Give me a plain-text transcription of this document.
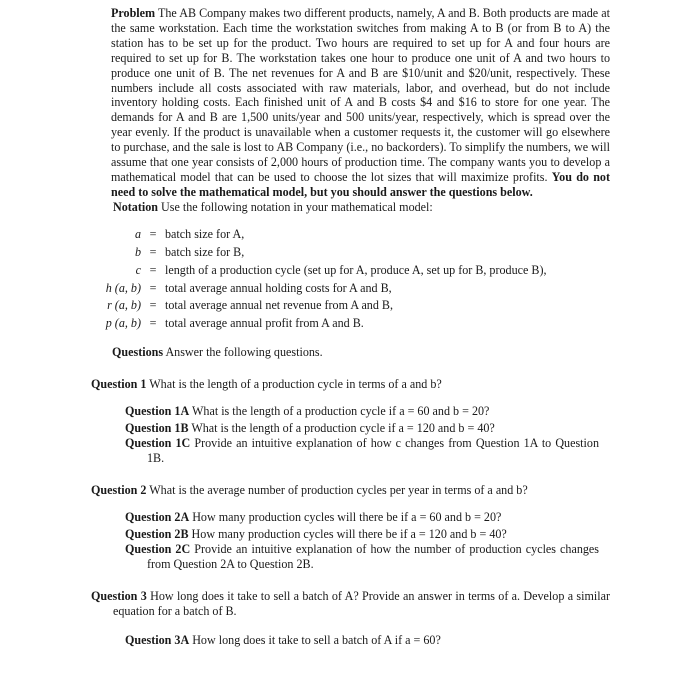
Problem The AB Company makes two different products, namely, A and B. Both products are made at the same workstation. Each time the workstation switches from making A to B (or from B to A) the station has to be set up for the product. Two hours are required to set up for A and four hours are required to set up for B. The workstation takes one hour to produce one unit of A and two hours to produce one unit of B. The net revenues for A and B are $10/unit and $20/unit, respectively. These numbers include all costs associated with raw materials, labor, and overhead, but do not include inventory holding costs. Each finished unit of A and B costs $4 and $16 to store for one year. The demands for A and B are 1,500 units/year and 500 units/year, respectively, which is spread over the year evenly. If the product is unavailable when a customer requests it, the customer will go elsewhere to purchase, and the sale is lost to AB Company (i.e., no backorders). To simplify the numbers, we will assume that one year consists of 2,000 hours of production time. The company wants you to develop a mathematical model that can be used to choose the lot sizes that will maximize profits. You do not need to solve the mathematical model, but you should answer the questions below.

Notation Use the following notation in your mathematical model:

a	=	batch size for A,
b	=	batch size for B,
c	=	length of a production cycle (set up for A, produce A, set up for B, produce B),
h (a, b)	=	total average annual holding costs for A and B,
r (a, b)	=	total average annual net revenue from A and B,
p (a, b)	=	total average annual profit from A and B.

Questions Answer the following questions.

Question 1 What is the length of a production cycle in terms of a and b?

Question 1A What is the length of a production cycle if a = 60 and b = 20?

Question 1B What is the length of a production cycle if a = 120 and b = 40?

Question 1C Provide an intuitive explanation of how c changes from Question 1A to Question 1B.

Question 2 What is the average number of production cycles per year in terms of a and b?

Question 2A How many production cycles will there be if a = 60 and b = 20?

Question 2B How many production cycles will there be if a = 120 and b = 40?

Question 2C Provide an intuitive explanation of how the number of production cycles changes from Question 2A to Question 2B.

Question 3 How long does it take to sell a batch of A? Provide an answer in terms of a. Develop a similar equation for a batch of B.

Question 3A How long does it take to sell a batch of A if a = 60?
